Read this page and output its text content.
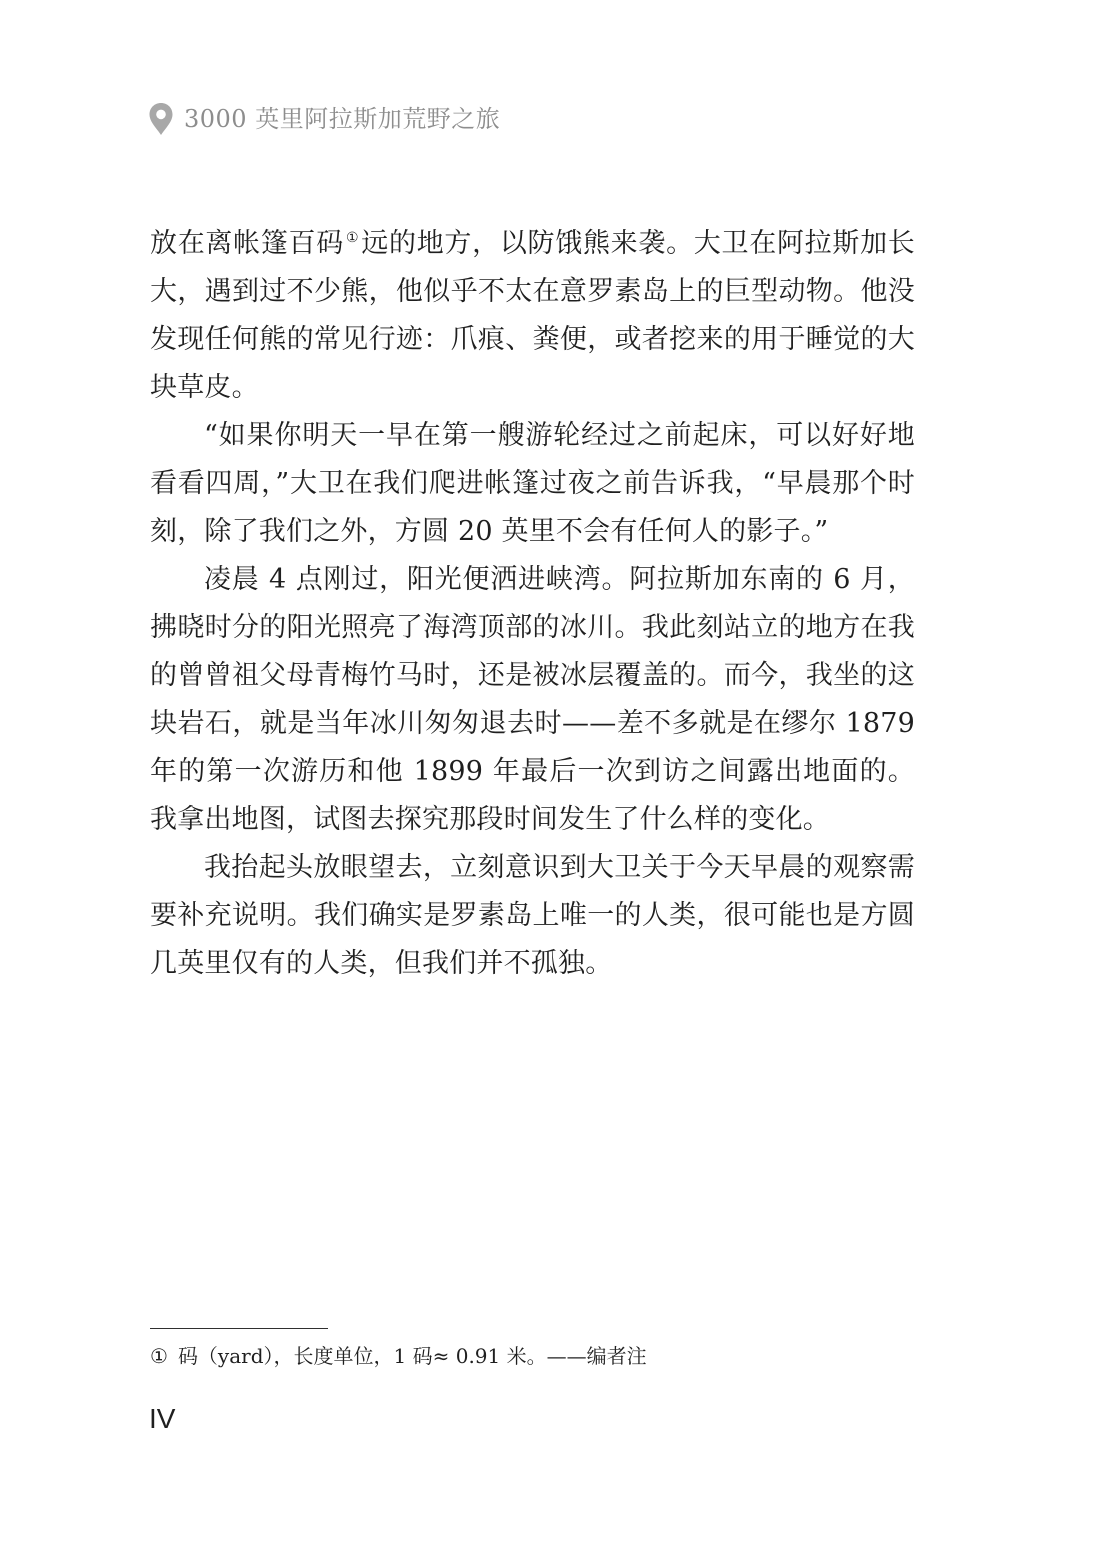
3000 英里阿拉斯加荒野之旅

放在离帐篷百码 ①远的地方，以防饿熊来袭。大卫在阿拉斯加长大，遇到过不少熊，他似乎不太在意罗素岛上的巨型动物。他没发现任何熊的常见行迹：爪痕、粪便，或者挖来的用于睡觉的大块草皮。

“如果你明天一早在第一艘游轮经过之前起床，可以好好地看看四周，”大卫在我们爬进帐篷过夜之前告诉我，“早晨那个时刻，除了我们之外，方圆 20 英里不会有任何人的影子。”

凌晨 4 点刚过，阳光便洒进峡湾。阿拉斯加东南的 6 月，拂晓时分的阳光照亮了海湾顶部的冰川。我此刻站立的地方在我的曾曾祖父母青梅竹马时，还是被冰层覆盖的。而今，我坐的这块岩石，就是当年冰川匆匆退去时——差不多就是在缪尔 1879 年的第一次游历和他 1899 年最后一次到访之间露出地面的。我拿出地图，试图去探究那段时间发生了什么样的变化。

我抬起头放眼望去，立刻意识到大卫关于今天早晨的观察需要补充说明。我们确实是罗素岛上唯一的人类，很可能也是方圆几英里仅有的人类，但我们并不孤独。

① 码（yard），长度单位，1 码≈ 0.91 米。——编者注
IV
